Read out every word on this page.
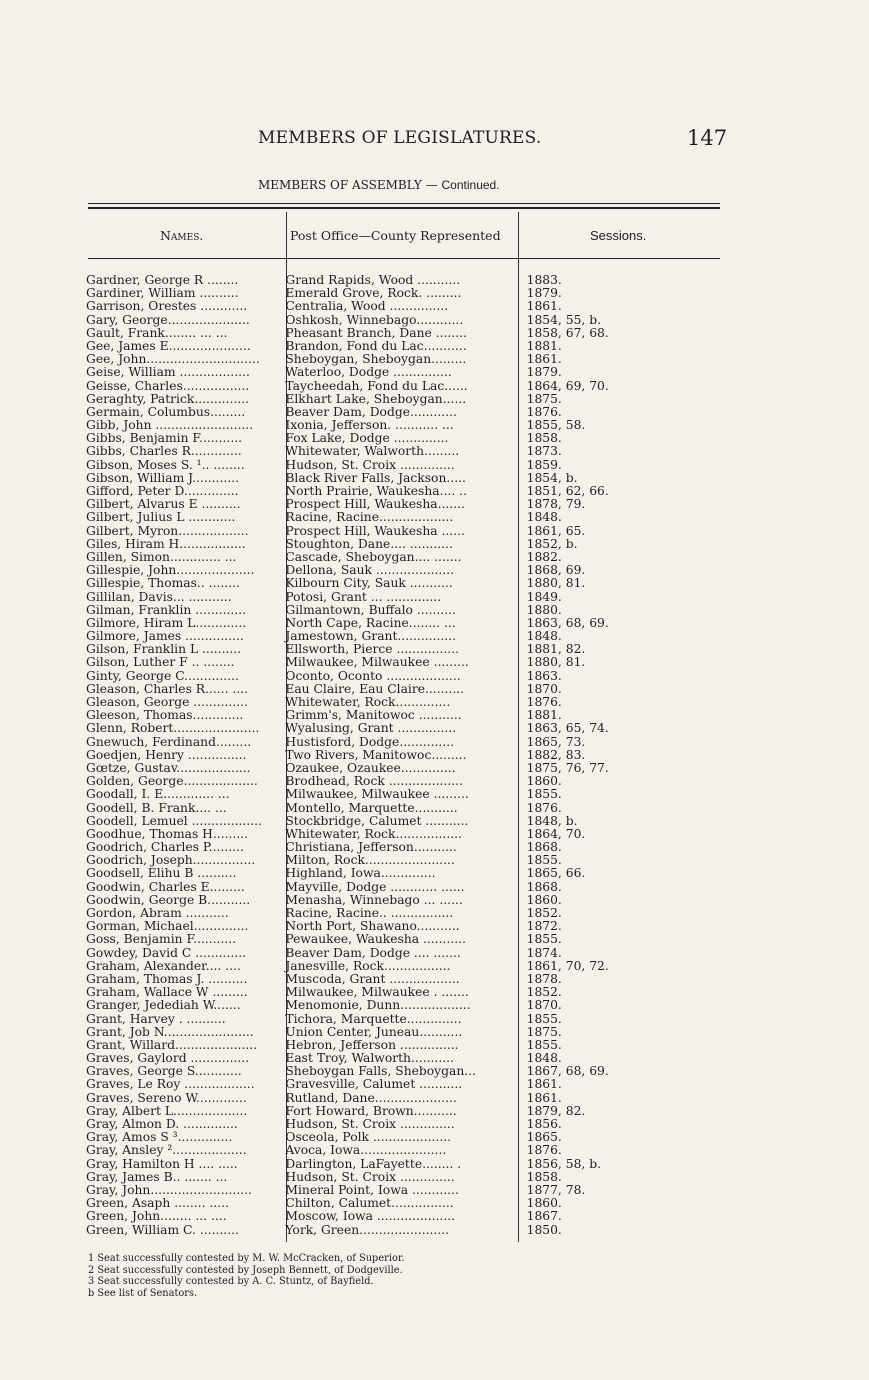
MEMBERS OF LEGISLATURES.	147
MEMBERS OF ASSEMBLY — Continued.
Names.	Post Office—County Represented	Sessions.
Gardner, George R ........	Grand Rapids, Wood ...........	1883.
Gardiner, William ..........	Emerald Grove, Rock. .........	1879.
Garrison, Orestes ............	Centralia, Wood ...............	1861.
Gary, George.....................	Oshkosh, Winnebago............	1854, 55, b.
Gault, Frank........ ... ...	Pheasant Branch, Dane ........	1858, 67, 68.
Gee, James E.....................	Brandon, Fond du Lac...........	1881.
Gee, John.............................	Sheboygan, Sheboygan.........	1861.
Geise, William ..................	Waterloo, Dodge ...............	1879.
Geisse, Charles.................	Taycheedah, Fond du Lac......	1864, 69, 70.
Geraghty, Patrick..............	Elkhart Lake, Sheboygan......	1875.
Germain, Columbus.........	Beaver Dam, Dodge............	1876.
Gibb, John .........................	Ixonia, Jefferson. ........... ...	1855, 58.
Gibbs, Benjamin F...........	Fox Lake, Dodge ..............	1858.
Gibbs, Charles R.............	Whitewater, Walworth.........	1873.
Gibson, Moses S. ¹.. ........	Hudson, St. Croix ..............	1859.
Gibson, William J............	Black River Falls, Jackson.....	1854, b.
Gifford, Peter D..............	North Prairie, Waukesha.... ..	1851, 62, 66.
Gilbert, Alvarus E ..........	Prospect Hill, Waukesha.......	1878, 79.
Gilbert, Julius L ............	Racine, Racine...................	1848.
Gilbert, Myron..................	Prospect Hill, Waukesha ......	1861, 65.
Giles, Hiram H.................	Stoughton, Dane.... ...........	1852, b.
Gillen, Simon............. ...	Cascade, Sheboygan.... .......	1882.
Gillespie, John....................	Dellona, Sauk ....................	1868, 69.
Gillespie, Thomas.. ........	Kilbourn City, Sauk ...........	1880, 81.
Gillilan, Davis... ...........	Potosi, Grant ... ..............	1849.
Gilman, Franklin .............	Gilmantown, Buffalo ..........	1880.
Gilmore, Hiram L.............	North Cape, Racine........ ...	1863, 68, 69.
Gilmore, James ...............	Jamestown, Grant...............	1848.
Gilson, Franklin L ..........	Ellsworth, Pierce ................	1881, 82.
Gilson, Luther F .. ........	Milwaukee, Milwaukee .........	1880, 81.
Ginty, George C..............	Oconto, Oconto ...................	1863.
Gleason, Charles R...... ....	Eau Claire, Eau Claire..........	1870.
Gleason, George ..............	Whitewater, Rock..............	1876.
Gleeson, Thomas.............	Grimm's, Manitowoc ...........	1881.
Glenn, Robert......................	Wyalusing, Grant ...............	1863, 65, 74.
Gnewuch, Ferdinand.........	Hustisford, Dodge..............	1865, 73.
Goedjen, Henry ...............	Two Rivers, Manitowoc.........	1882, 83.
Gœtze, Gustav...................	Ozaukee, Ozaukee..............	1875, 76, 77.
Golden, George...................	Brodhead, Rock ...................	1860.
Goodall, I. E............. ...	Milwaukee, Milwaukee .........	1855.
Goodell, B. Frank.... ...	Montello, Marquette...........	1876.
Goodell, Lemuel ..................	Stockbridge, Calumet ...........	1848, b.
Goodhue, Thomas H.........	Whitewater, Rock.................	1864, 70.
Goodrich, Charles P.........	Christiana, Jefferson...........	1868.
Goodrich, Joseph................	Milton, Rock.......................	1855.
Goodsell, Elihu B ..........	Highland, Iowa..............	1865, 66.
Goodwin, Charles E.........	Mayville, Dodge ............ ......	1868.
Goodwin, George B...........	Menasha, Winnebago ... ......	1860.
Gordon, Abram ...........	Racine, Racine.. ................	1852.
Gorman, Michael..............	North Port, Shawano...........	1872.
Goss, Benjamin F...........	Pewaukee, Waukesha ...........	1855.
Gowdey, David C .............	Beaver Dam, Dodge .... .......	1874.
Graham, Alexander.... ....	Janesville, Rock.................	1861, 70, 72.
Graham, Thomas J. ..........	Muscoda, Grant ..................	1878.
Graham, Wallace W .........	Milwaukee, Milwaukee . .......	1852.
Granger, Jedediah W.......	Menomonie, Dunn..................	1870.
Grant, Harvey . ..........	Tichora, Marquette..............	1855.
Grant, Job N.......................	Union Center, Juneau...........	1875.
Grant, Willard.....................	Hebron, Jefferson ...............	1855.
Graves, Gaylord ...............	East Troy, Walworth...........	1848.
Graves, George S............	Sheboygan Falls, Sheboygan...	1867, 68, 69.
Graves, Le Roy ..................	Gravesville, Calumet ...........	1861.
Graves, Sereno W.............	Rutland, Dane.....................	1861.
Gray, Albert L...................	Fort Howard, Brown...........	1879, 82.
Gray, Almon D. ..............	Hudson, St. Croix ..............	1856.
Gray, Amos S ³..............	Osceola, Polk ....................	1865.
Gray, Ansley ²...................	Avoca, Iowa......................	1876.
Gray, Hamilton H .... .....	Darlington, LaFayette........ .	1856, 58, b.
Gray, James B.. ....... ...	Hudson, St. Croix ..............	1858.
Gray, John..........................	Mineral Point, Iowa ............	1877, 78.
Green, Asaph ........ .....	Chilton, Calumet................	1860.
Green, John........ ... ....	Moscow, Iowa ....................	1867.
Green, William C. ..........	York, Green.......................	1850.
1 Seat successfully contested by M. W. McCracken, of Superior.
2 Seat successfully contested by Joseph Bennett, of Dodgeville.
3 Seat successfully contested by A. C. Stuntz, of Bayfield.
b See list of Senators.
